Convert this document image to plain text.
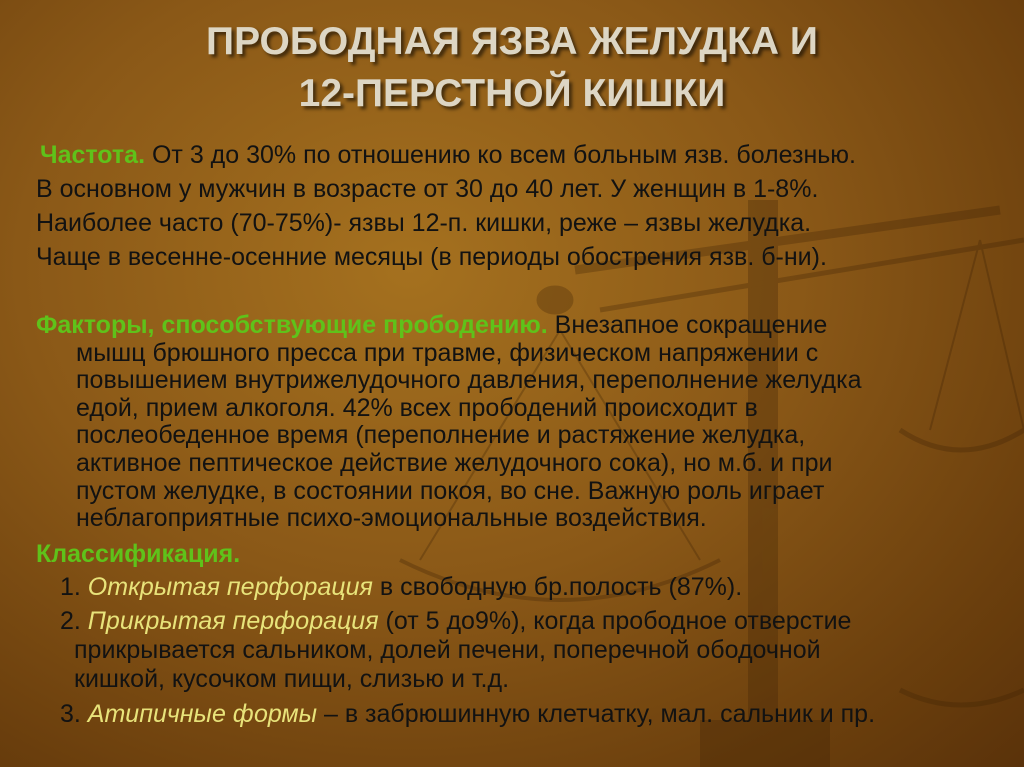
ПРОБОДНАЯ ЯЗВА ЖЕЛУДКА И
12-ПЕРСТНОЙ КИШКИ
Частота. От 3 до 30% по отношению ко всем больным язв. болезнью.
В основном у мужчин в возрасте от 30 до 40 лет. У женщин в 1-8%.
Наиболее часто (70-75%)- язвы 12-п. кишки, реже – язвы желудка.
Чаще в весенне-осенние месяцы (в периоды обострения язв. б-ни).
Факторы, способствующие прободению. Внезапное сокращение
мышц брюшного пресса при травме, физическом напряжении с
повышением внутрижелудочного давления, переполнение желудка
едой, прием алкоголя. 42% всех прободений происходит в
послеобеденное время (переполнение и растяжение желудка,
активное пептическое действие желудочного сока), но м.б. и при
пустом желудке, в состоянии покоя, во сне. Важную роль играет
неблагоприятные психо-эмоциональные воздействия.
Классификация.
1. Открытая перфорация в свободную бр.полость (87%).
2. Прикрытая перфорация (от 5 до9%), когда прободное отверстие
прикрывается сальником, долей печени, поперечной ободочной
кишкой, кусочком пищи, слизью и т.д.
3. Атипичные формы – в забрюшинную клетчатку, мал. сальник и пр.
